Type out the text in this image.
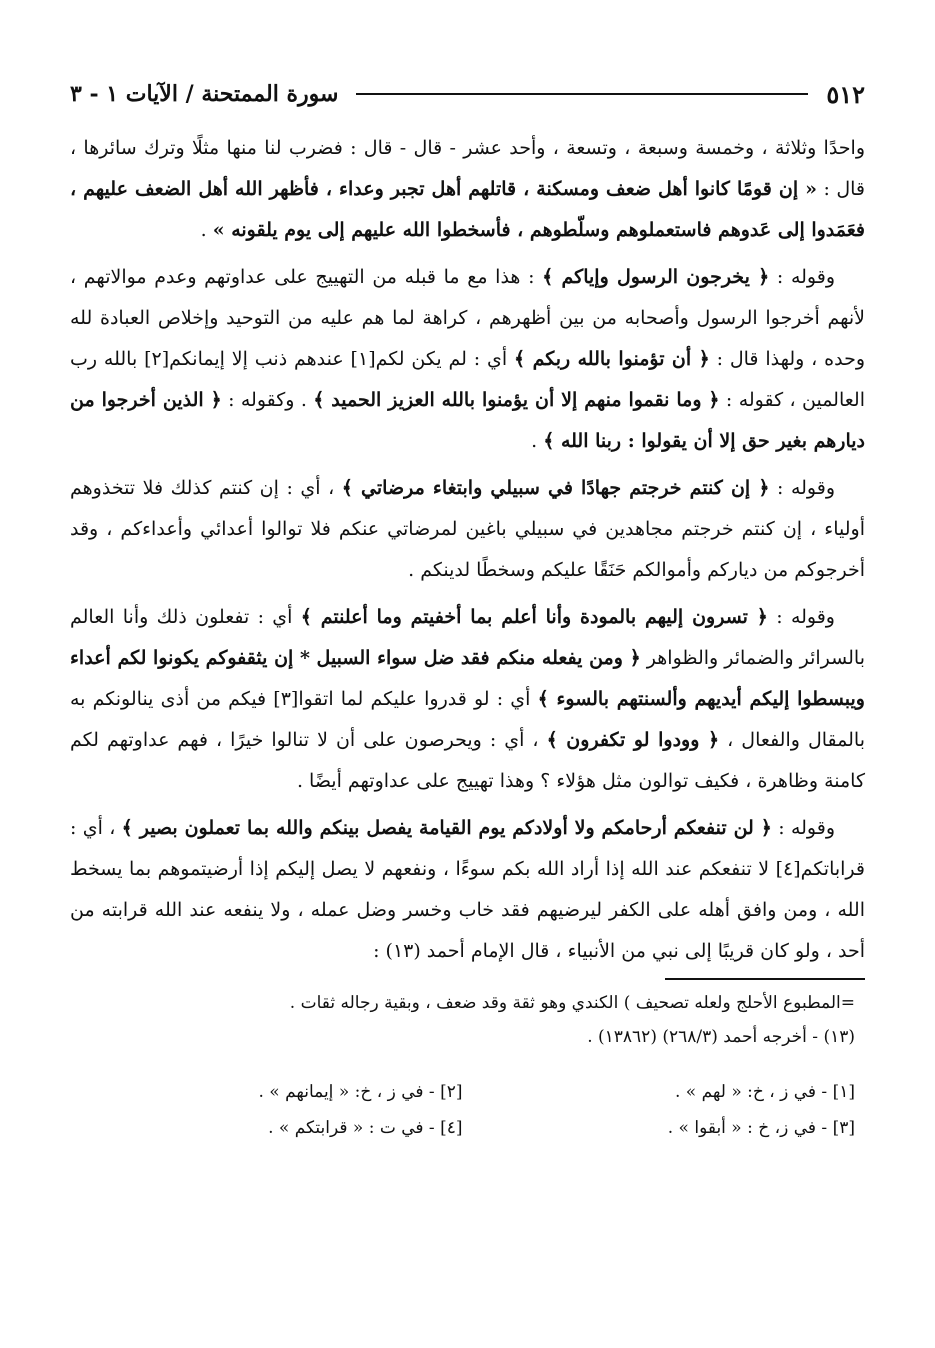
٥١٢
سورة الممتحنة / الآيات ١ - ٣

واحدًا وثلاثة ، وخمسة وسبعة ، وتسعة ، وأحد عشر - قال - قال : فضرب لنا منها مثلًا وترك سائرها ، قال : « إن قومًا كانوا أهل ضعف ومسكنة ، قاتلهم أهل تجبر وعداء ، فأظهر الله أهل الضعف عليهم ، فعَمَدوا إلى عَدوهم فاستعملوهم وسلّطوهم ، فأسخطوا الله عليهم إلى يوم يلقونه » .

وقوله : ﴿ يخرجون الرسول وإياكم ﴾ : هذا مع ما قبله من التهييج على عداوتهم وعدم موالاتهم ، لأنهم أخرجوا الرسول وأصحابه من بين أظهرهم ، كراهة لما هم عليه من التوحيد وإخلاص العبادة لله وحده ، ولهذا قال : ﴿ أن تؤمنوا بالله ربكم ﴾ أي : لم يكن لكم[١] عندهم ذنب إلا إيمانكم[٢] بالله رب العالمين ، كقوله : ﴿ وما نقموا منهم إلا أن يؤمنوا بالله العزيز الحميد ﴾ . وكقوله : ﴿ الذين أخرجوا من ديارهم بغير حق إلا أن يقولوا : ربنا الله ﴾ .

وقوله : ﴿ إن كنتم خرجتم جهادًا في سبيلي وابتغاء مرضاتي ﴾ ، أي : إن كنتم كذلك فلا تتخذوهم أولياء ، إن كنتم خرجتم مجاهدين في سبيلي باغين لمرضاتي عنكم فلا توالوا أعدائي وأعداءكم ، وقد أخرجوكم من دياركم وأموالكم حَنَقًا عليكم وسخطًا لدينكم .

وقوله : ﴿ تسرون إليهم بالمودة وأنا أعلم بما أخفيتم وما أعلنتم ﴾ أي : تفعلون ذلك وأنا العالم بالسرائر والضمائر والظواهر ﴿ ومن يفعله منكم فقد ضل سواء السبيل * إن يثقفوكم يكونوا لكم أعداء ويبسطوا إليكم أيديهم وألسنتهم بالسوء ﴾ أي : لو قدروا عليكم لما اتقوا[٣] فيكم من أذى ينالونكم به بالمقال والفعال ، ﴿ وودوا لو تكفرون ﴾ ، أي : ويحرصون على أن لا تنالوا خيرًا ، فهم عداوتهم لكم كامنة وظاهرة ، فكيف توالون مثل هؤلاء ؟ وهذا تهييج على عداوتهم أيضًا .

وقوله : ﴿ لن تنفعكم أرحامكم ولا أولادكم يوم القيامة يفصل بينكم والله بما تعملون بصير ﴾ ، أي : قراباتكم[٤] لا تنفعكم عند الله إذا أراد الله بكم سوءًا ، ونفعهم لا يصل إليكم إذا أرضيتموهم بما يسخط الله ، ومن وافق أهله على الكفر ليرضيهم فقد خاب وخسر وضل عمله ، ولا ينفعه عند الله قرابته من أحد ، ولو كان قريبًا إلى نبي من الأنبياء ، قال الإمام أحمد (١٣) :

=المطبوع الأحلج ولعله تصحيف ) الكندي وهو ثقة وقد ضعف ، وبقية رجاله ثقات .
(١٣) - أخرجه أحمد (٢٦٨/٣) (١٣٨٦٢) .
[١] - في ز ، خ: « لهم » .
[٢] - في ز ، خ: « إيمانهم » .
[٣] - في ز، خ : « أبقوا » .
[٤] - في ت : « قرابتكم » .
